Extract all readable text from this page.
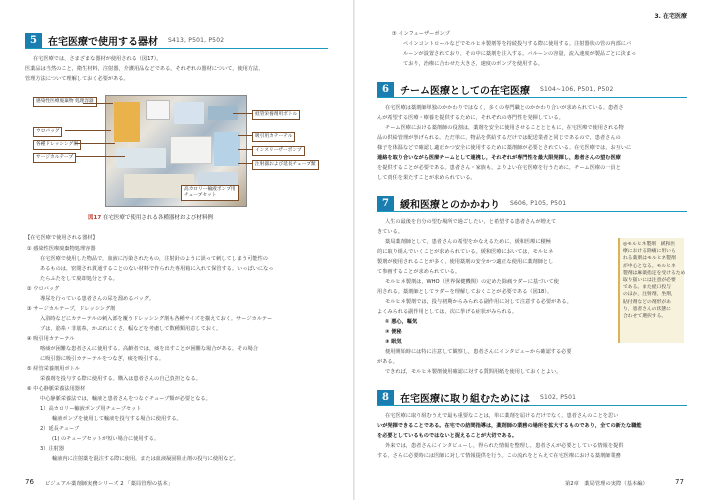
5	在宅医療で使用する器材 S413, P501, P502
在宅医療では，さまざまな器材が使用される（図17）。
医薬品は当然のこと，衛生材料，注射器，介護用品などである。それぞれの器材について，使用方法，
管理方法について理解しておく必要がある。
感染性医療廃棄物 処理容器
ウロバッグ
各種ドレッシング剤
サージカルテープ
経管栄養剤用ボトル
吸引用カテーテル
インスリーザーポンプ
注射器および延長チューブ類
高カロリー輸液ポンプ用
チューブセット
図17 在宅医療で使用される各種器材および材料例
【在宅医療で使用される器材】
① 感染性医療廃棄物処理容器
在宅医療で使用した物品で，血液に汚染されたもの，注射針のように誤って刺してしまう可能性の
あるものは，密閉され貫通することのない材料で作られた専用箱に入れて保管する。いっぱいになっ
たらふたをして廃却処分とする。
② ウロバッグ
導尿を行っている患者さんの尿を溜めるバッグ。
③ サージカルテープ，ドレッシング剤
入浴時などにカテーテルの刺入部を覆うドレッシング剤も各種サイズを揃えておく。サージカルテー
プは，筋糸・非筋糸，かぶれにくさ，幅などを考慮して数種類用意しておく。
④ 吸引用カテーテル
喀痰が困難な患者さんに使用する。高齢者では，痰を出すことが困難な場合がある。その場合
に吸引器に吸引カテーテルをつなぎ，痰を吸引する。
⑤ 経管栄養剤用ボトル
栄養剤を投与する際に使用する。購入は患者さんの自己負担となる。
⑥ 中心静脈栄養法用器材
中心静脈栄養法では，輸液と患者さんをつなぐチューブ類が必要となる。
1）高カロリー輸液ポンプ用チューブセット
輸液ポンプを使用して輸液を投与する場合に使用する。
2）延長チューブ
(1) のチューブセットが短い場合に使用する。
3）注射器
輸液内に注射薬を混注する際に使用。または血液凝固阻止剤の投与に使用など。
76 ビジュアル薬剤師実務シリーズ 2 「薬局管理の基本」
3. 在宅医療
⑦ インフューザーポンプ
ペインコントロールなどでモルヒネ製剤等を持続投与する際に使用する。注射器状の管の内部にバ
ルーンが設置されており，その中に薬剤を注入する。バルーンの容量，流入速度が製品ごとに決まっ
ており，治療に合わせた大きさ，速度のポンプを使用する。
6	チーム医療としての在宅医療 S104~106, P501, P502
在宅医療は薬剤師単独のかかわりではなく，多くの専門職とのかかわり合いが求められている。患者さ
んが希望する医療・療養を提供するために，それぞれの専門性を発揮している。
チーム医療における薬剤師の役割は，薬剤を安全に使用させることとともに，在宅医療で使用される物
品の供給管理が挙げられる。ただ単に，物品を供給するだけでは配送業者と同じであるので，患者さんの
様子を体温などで確認し適正かつ安全に使用するために薬剤師が必要とされている。在宅医療では，お互いに
連絡を取り合いながら医療チームとして連携し，それぞれが専門性を最大限発揮し，患者さんの望む医療
を提供することが必要である。患者さん・家族も，よりよい在宅医療を行うために，チーム医療の一員と
して責任を果たすことが求められている。
7	緩和医療とのかかわり S606, P105, P501
人生の最後を自分の望む場所で過ごしたい，と希望する患者さんが増えて
きている。
薬局薬剤師として，患者さんの希望をかなえるために，緩和医療に積極
的に取り組んでいくことが求められている。緩和医療においては，モルヒネ
製剤が使用されることが多く，使用薬剤の安全かつ適正な使用に薬剤師とし
て参画することが求められている。
モルヒネ製剤は，WHO（世界保健機関）の定めた除痛ラダーに基づいて使
用される。薬剤師としてラダーを理解しておくことが必要である（図18）。
モルヒネ製剤では，投与初期からみられる副作用に対して注意する必要がある。
よくみられる副作用としては，次に挙げる症状がみられる。
① 悪心，嘔気
② 便秘
③ 眠気
便用開始時には特に注意して観察し，患者さんにインタビューから確認する必要
がある。
できれば，モルヒネ製剤使用確認に対する質問用紙を使用しておくとよい。
◎モルヒネ製剤　緩和医
療における除痛に用いら
れる薬剤はモルヒネ製剤
が中心となる。モルヒネ
製剤は麻薬指定を受けるため
取り扱いには注意が必要
である。また経口投与
のほか，注射剤，坐剤，
貼付剤などの剤形があ
り，患者さんの状態に
合わせて選択する。
8	在宅医療に取り組むためには S102, P501
在宅医療に取り組むうえで最も重要なことは，単に薬剤を届けるだけでなく，患者さんのことを思い
いが発揮できることである。在宅での訪問指導は，薬剤師の業務の場所を拡大するものであり，全ての新たな職能
を必要としているものではないと捉えることが大切である。
外来では，患者さんにインタビューし，得られた情報を整理し，患者さんが必要としている情報を提供
する，さらに必要時には医師に対して情報提供を行う。この流れをとらえて在宅医療における薬剤師業務
第2章　薬局管理の実際（基本編）	77
